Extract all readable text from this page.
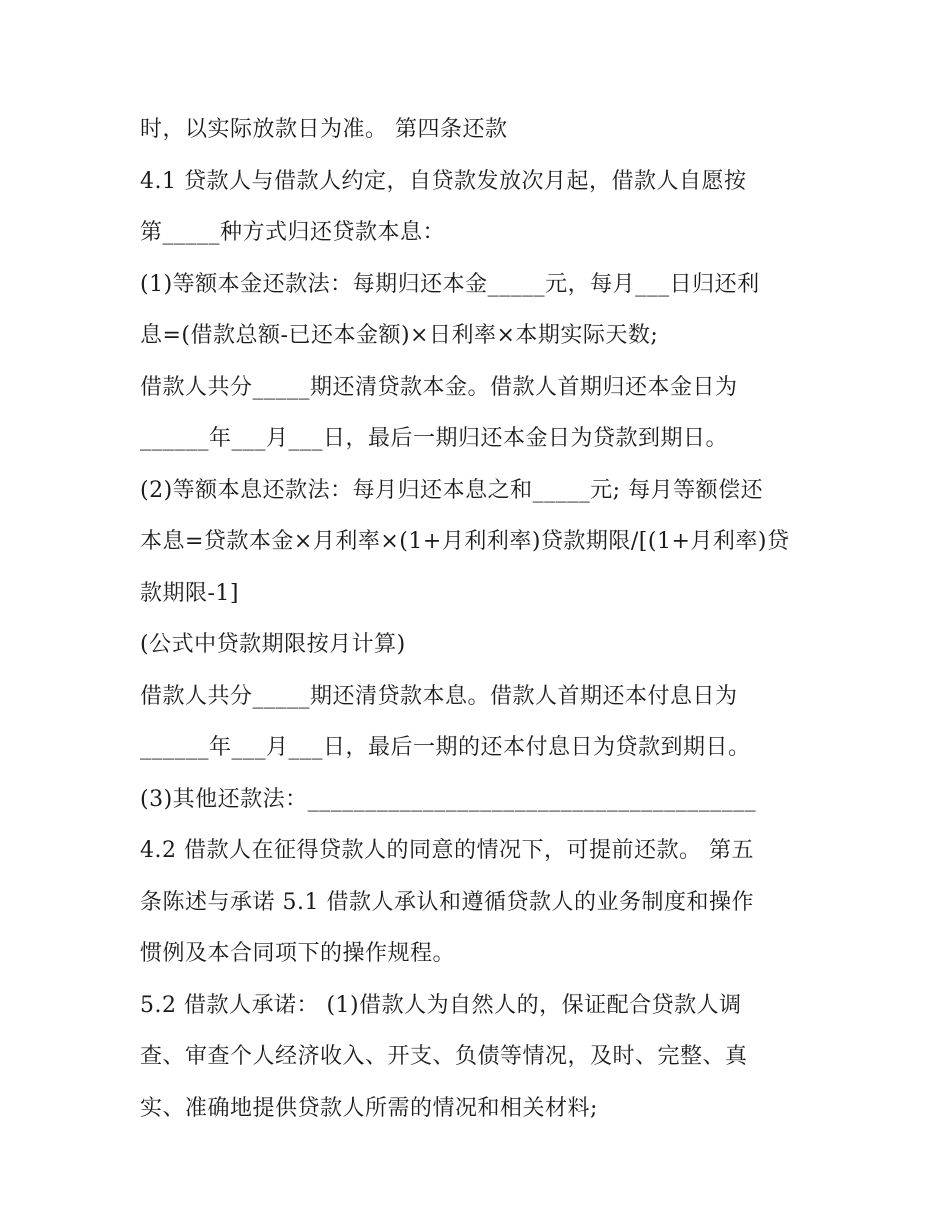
时，以实际放款日为准。 第四条还款
4.1 贷款人与借款人约定，自贷款发放次月起，借款人自愿按
第_____种方式归还贷款本息：
(1)等额本金还款法：每期归还本金_____元，每月___日归还利
息=(借款总额-已还本金额)×日利率×本期实际天数;
借款人共分_____期还清贷款本金。借款人首期归还本金日为
______年___月___日，最后一期归还本金日为贷款到期日。
(2)等额本息还款法：每月归还本息之和_____元; 每月等额偿还
本息=贷款本金×月利率×(1+月利利率)贷款期限/[(1+月利率)贷
款期限-1]
(公式中贷款期限按月计算)
借款人共分_____期还清贷款本息。借款人首期还本付息日为
______年___月___日，最后一期的还本付息日为贷款到期日。
(3)其他还款法：_______________________________________
4.2 借款人在征得贷款人的同意的情况下，可提前还款。 第五
条陈述与承诺 5.1 借款人承认和遵循贷款人的业务制度和操作
惯例及本合同项下的操作规程。
5.2 借款人承诺： (1)借款人为自然人的，保证配合贷款人调
查、审查个人经济收入、开支、负债等情况，及时、完整、真
实、准确地提供贷款人所需的情况和相关材料;
